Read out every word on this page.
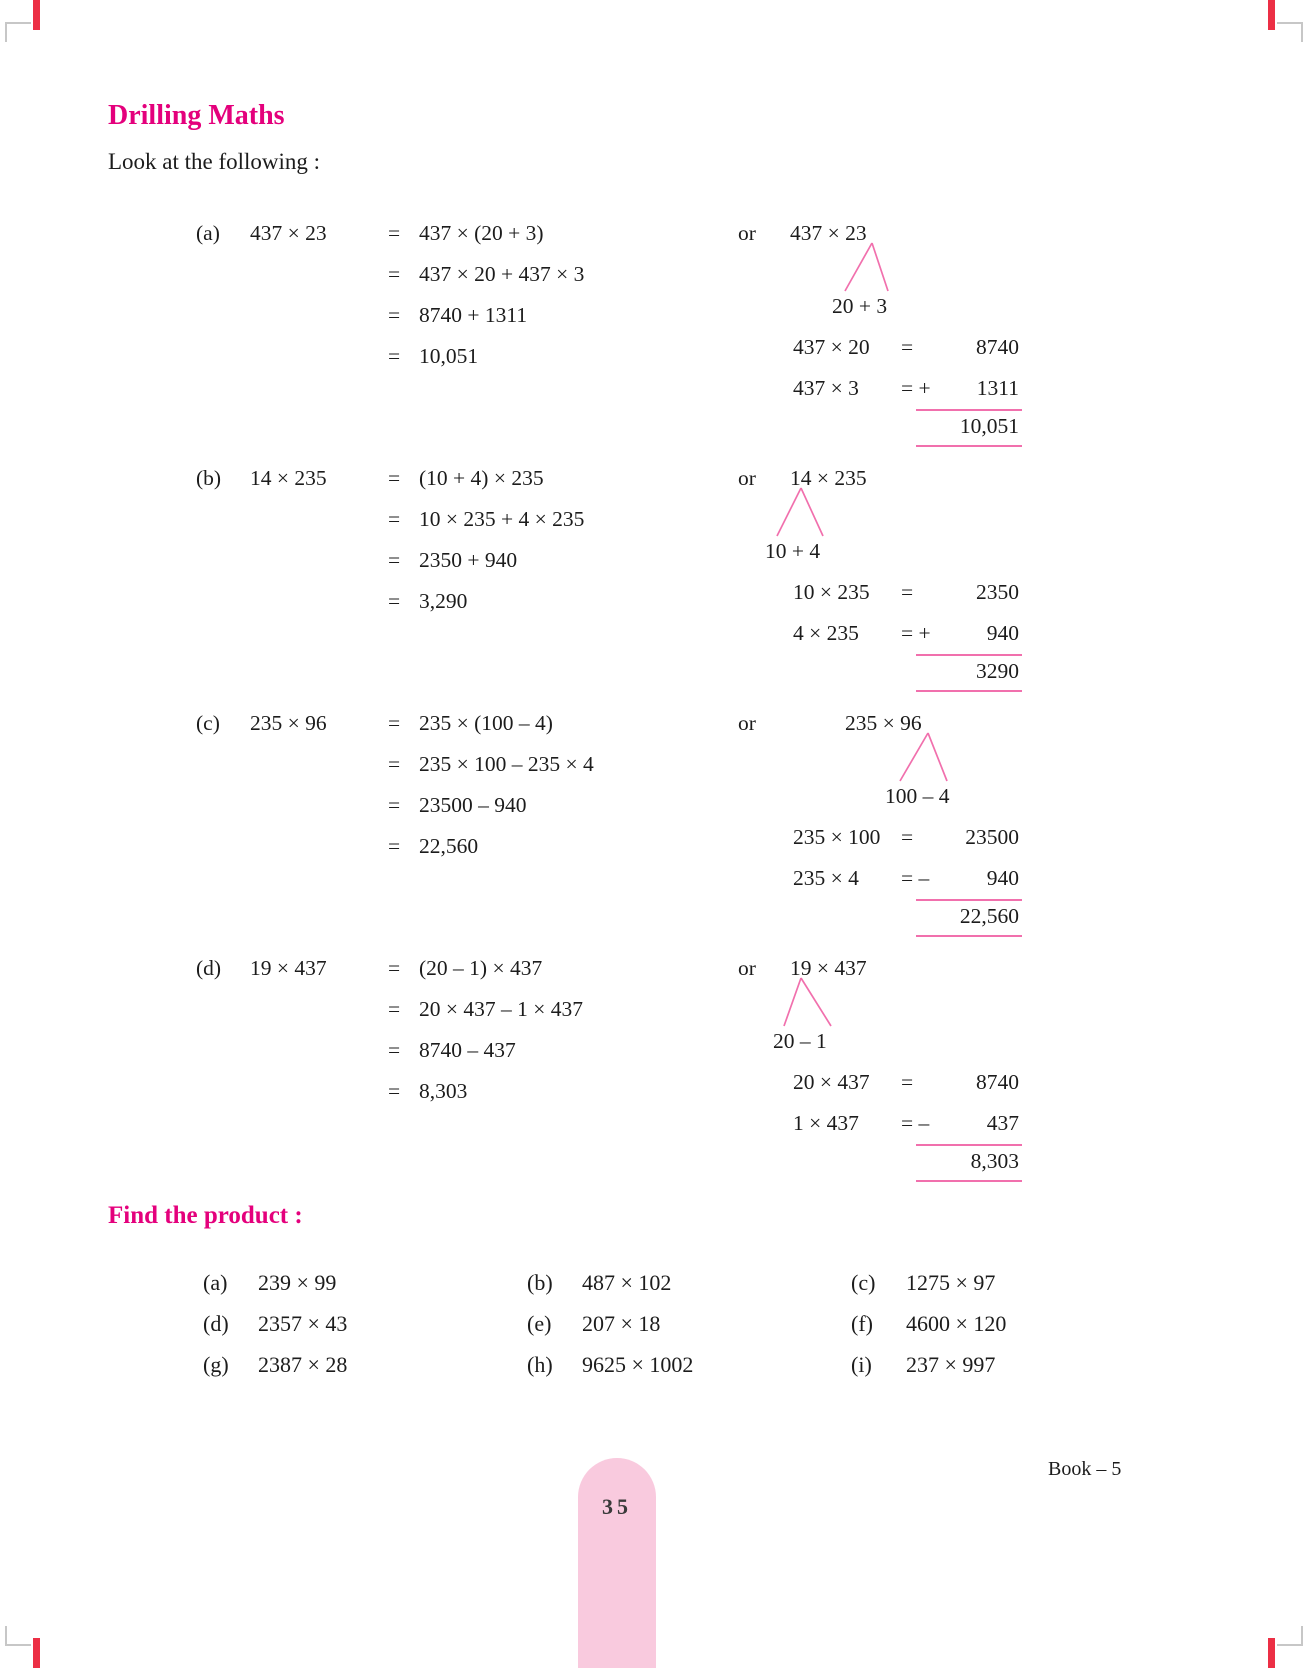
Drilling Maths

Look at the following :

(a)	437 × 23	= 437 × (20 + 3)
= 437 × 20 + 437 × 3
= 8740 + 1311
= 10,051
or 437 × 23
20 + 3
437 × 20 =	8740
437 × 3 = +	1311
10,051
(b)	14 × 235	= (10 + 4) × 235
= 10 × 235 + 4 × 235
= 2350 + 940
= 3,290
or 14 × 235
10 + 4
10 × 235 =	2350
4 × 235 = +	940
3290
(c)	235 × 96	= 235 × (100 – 4)
= 235 × 100 – 235 × 4
= 23500 – 940
= 22,560
or	235 × 96
100 – 4
235 × 100 =	23500
235 × 4 = –	940
22,560
(d)	19 × 437	= (20 – 1) × 437
= 20 × 437 – 1 × 437
= 8740 – 437
= 8,303
or 19 × 437
20 – 1
20 × 437 =	8740
1 × 437 = –	437
8,303
Find the product :
(a)	239 × 99	(b)	487 × 102	(c)	1275 × 97
(d)	2357 × 43	(e)	207 × 18	(f)	4600 × 120
(g)	2387 × 28	(h)	9625 × 1002	(i)	237 × 997
35
Book – 5
